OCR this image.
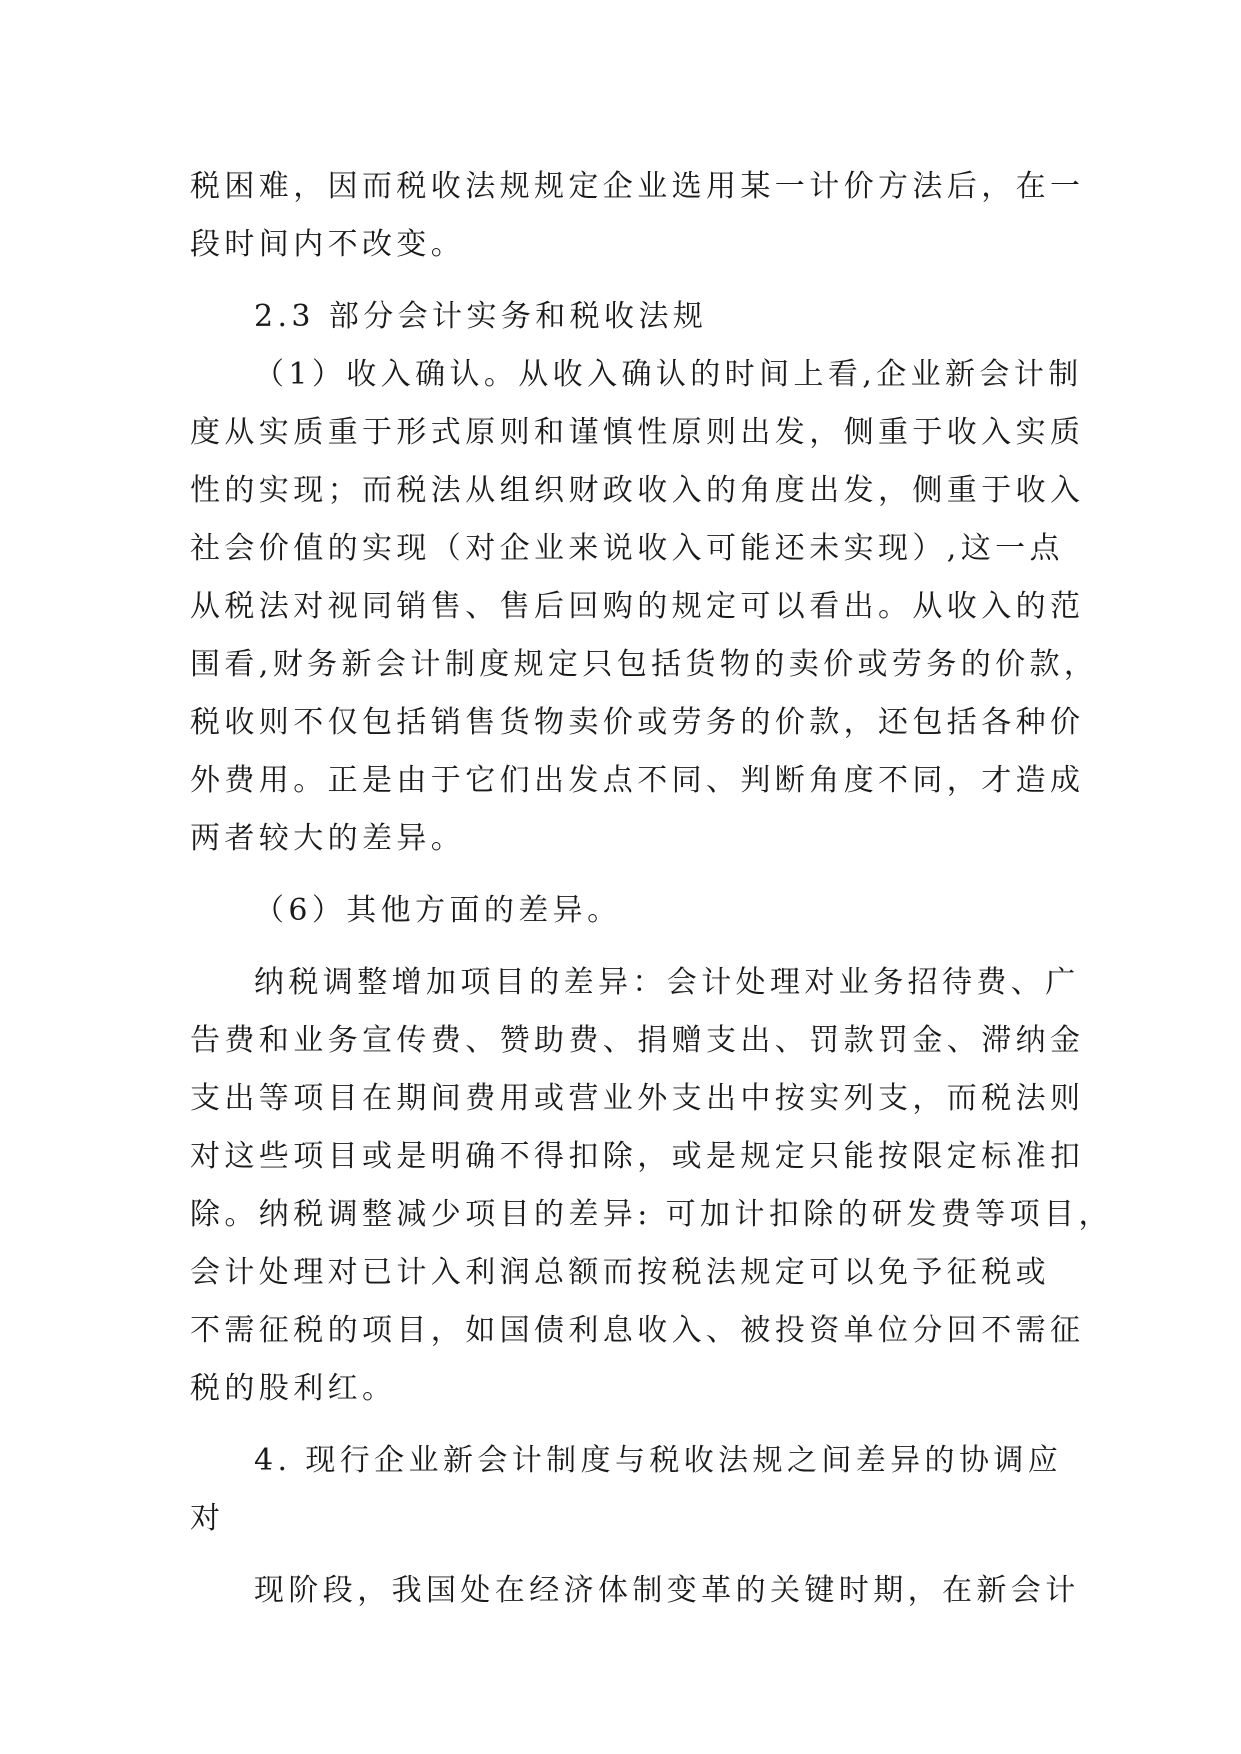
税困难，因而税收法规规定企业选用某一计价方法后，在一
段时间内不改变。
2.3 部分会计实务和税收法规
（1）收入确认。从收入确认的时间上看,企业新会计制
度从实质重于形式原则和谨慎性原则出发，侧重于收入实质
性的实现；而税法从组织财政收入的角度出发，侧重于收入
社会价值的实现（对企业来说收入可能还未实现）,这一点
从税法对视同销售、售后回购的规定可以看出。从收入的范
围看,财务新会计制度规定只包括货物的卖价或劳务的价款，
税收则不仅包括销售货物卖价或劳务的价款，还包括各种价
外费用。正是由于它们出发点不同、判断角度不同，才造成
两者较大的差异。
（6）其他方面的差异。
纳税调整增加项目的差异：会计处理对业务招待费、广
告费和业务宣传费、赞助费、捐赠支出、罚款罚金、滞纳金
支出等项目在期间费用或营业外支出中按实列支，而税法则
对这些项目或是明确不得扣除，或是规定只能按限定标准扣
除。纳税调整减少项目的差异: 可加计扣除的研发费等项目，
会计处理对已计入利润总额而按税法规定可以免予征税或
不需征税的项目，如国债利息收入、被投资单位分回不需征
税的股利红。
4. 现行企业新会计制度与税收法规之间差异的协调应
对
现阶段，我国处在经济体制变革的关键时期，在新会计
